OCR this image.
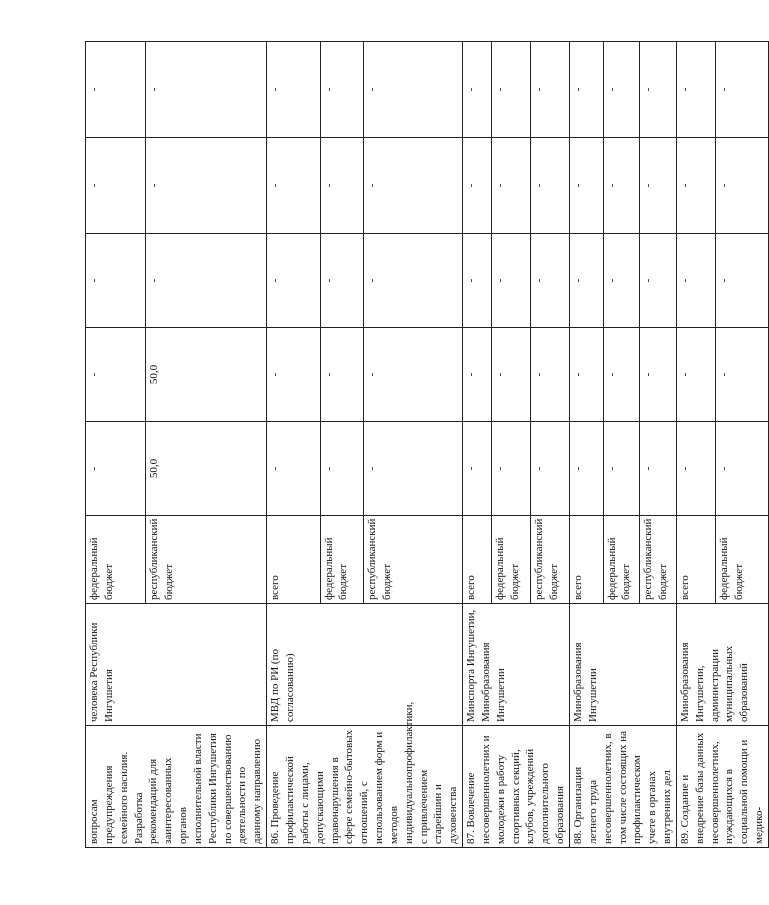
вопросам предупреждения семейного насилия. Разработка рекомендаций для заинтересованных органов исполнительной власти Республики Ингушетия по совершенствованию деятельности по данному направлению	человека Республики Ингушетия	федеральный бюджет	-	-	-	-	-
		республиканский бюджет	50,0	50,0	-	-	-
86. Проведение профилактической работы с лицами, допускающими правонарушения в сфере семейно-бытовых отношений, с использованием форм и методов индивидуальнопрофилактики, с привлечением старейшин и духовенства	МВД по РИ (по согласованию)	всего	-	-	-	-	-
		федеральный бюджет	-	-	-	-	-
		республиканский бюджет	-	-	-	-	-
87. Вовлечение несовершеннолетних и молодежи в работу спортивных секций, клубов, учреждений дополнительного образования	Минспорта Ингушетии, Минобразования Ингушетии	всего	-	-	-	-	-
		федеральный бюджет	-	-	-	-	-
		республиканский бюджет	-	-	-	-	-
88. Организация летнего труда несовершеннолетних, в том числе состоящих на профилактическом учете в органах внутренних дел	Минобразования Ингушетии	всего	-	-	-	-	-
		федеральный бюджет	-	-	-	-	-
		республиканский бюджет	-	-	-	-	-
89. Создание и внедрение базы данных несовершеннолетних, нуждающихся в социальной помощи и медико-	Минобразования Ингушетии, администрации муниципальных образований	всего	-	-	-	-	-
		федеральный бюджет	-	-	-	-	-
